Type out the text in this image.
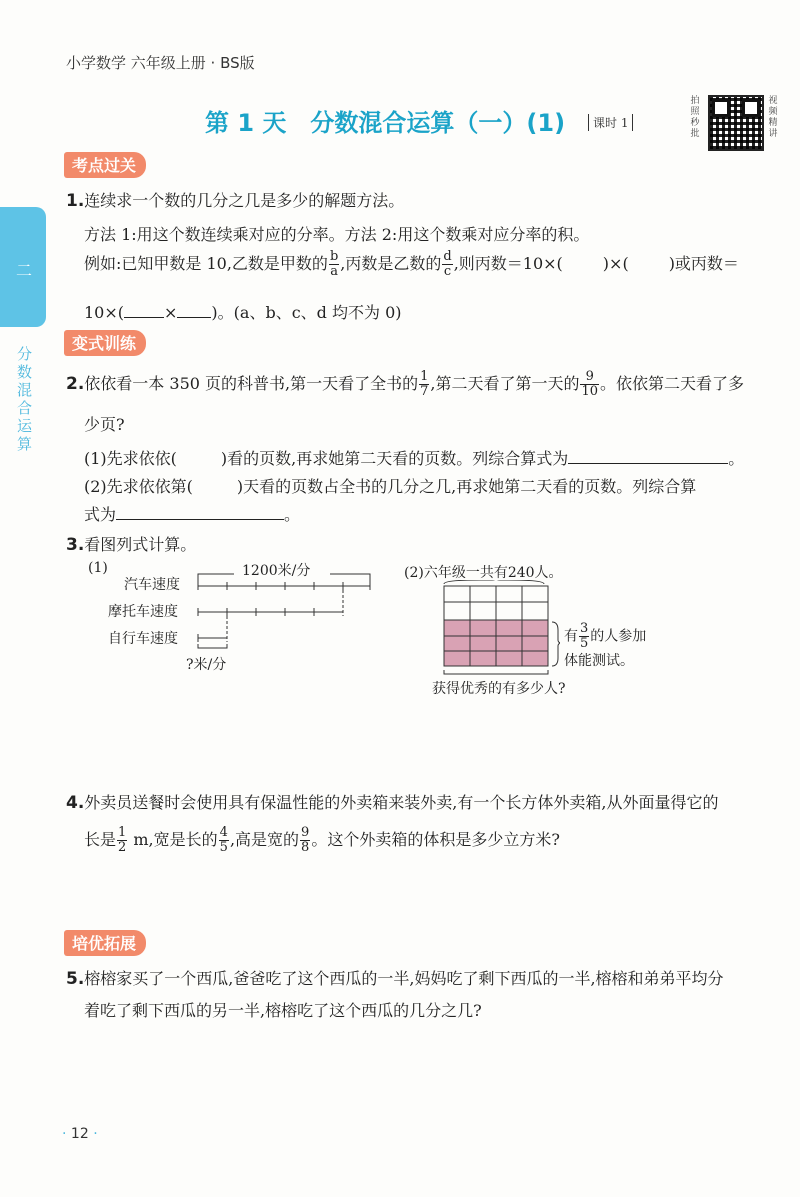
小学数学 六年级上册 · BS版
第 1 天　分数混合运算（一）(1)	课时 1
拍照秒批
视频精讲
二
分数混合运算
考点过关
1.连续求一个数的几分之几是多少的解题方法。
方法 1:用这个数连续乘对应的分率。方法 2:用这个数乘对应分率的积。
例如:已知甲数是 10,乙数是甲数的 $\frac{b}{a}$ ,丙数是乙数的 $\frac{d}{c}$ ,则丙数＝10×(	)×(	)或丙数＝
10×(	× )。(a、b、c、d 均不为 0)
变式训练
2.依依看一本 350 页的科普书,第一天看了全书的 $\frac{1}{7}$ ,第二天看了第一天的 $\frac{9}{10}$ 。依依第二天看了多
少页?
(1)先求依依(	)看的页数,再求她第二天看的页数。列综合算式为	。
(2)先求依依第(	)天看的页数占全书的几分之几,再求她第二天看的页数。列综合算
式为	。
3.看图列式计算。
(1)	1200米/分
汽车速度
摩托车速度
自行车速度
?米/分
(2)六年级一共有240人。
有 $\frac{3}{5}$ 的人参加
体能测试。
获得优秀的有多少人?
4.外卖员送餐时会使用具有保温性能的外卖箱来装外卖,有一个长方体外卖箱,从外面量得它的
长是 $\frac{1}{2} m$,宽是长的 $\frac{4}{5}$ ,高是宽的 $\frac{9}{8}$ 。这个外卖箱的体积是多少立方米?
培优拓展
5.榕榕家买了一个西瓜,爸爸吃了这个西瓜的一半,妈妈吃了剩下西瓜的一半,榕榕和弟弟平均分
着吃了剩下西瓜的另一半,榕榕吃了这个西瓜的几分之几?
· 12 ·
